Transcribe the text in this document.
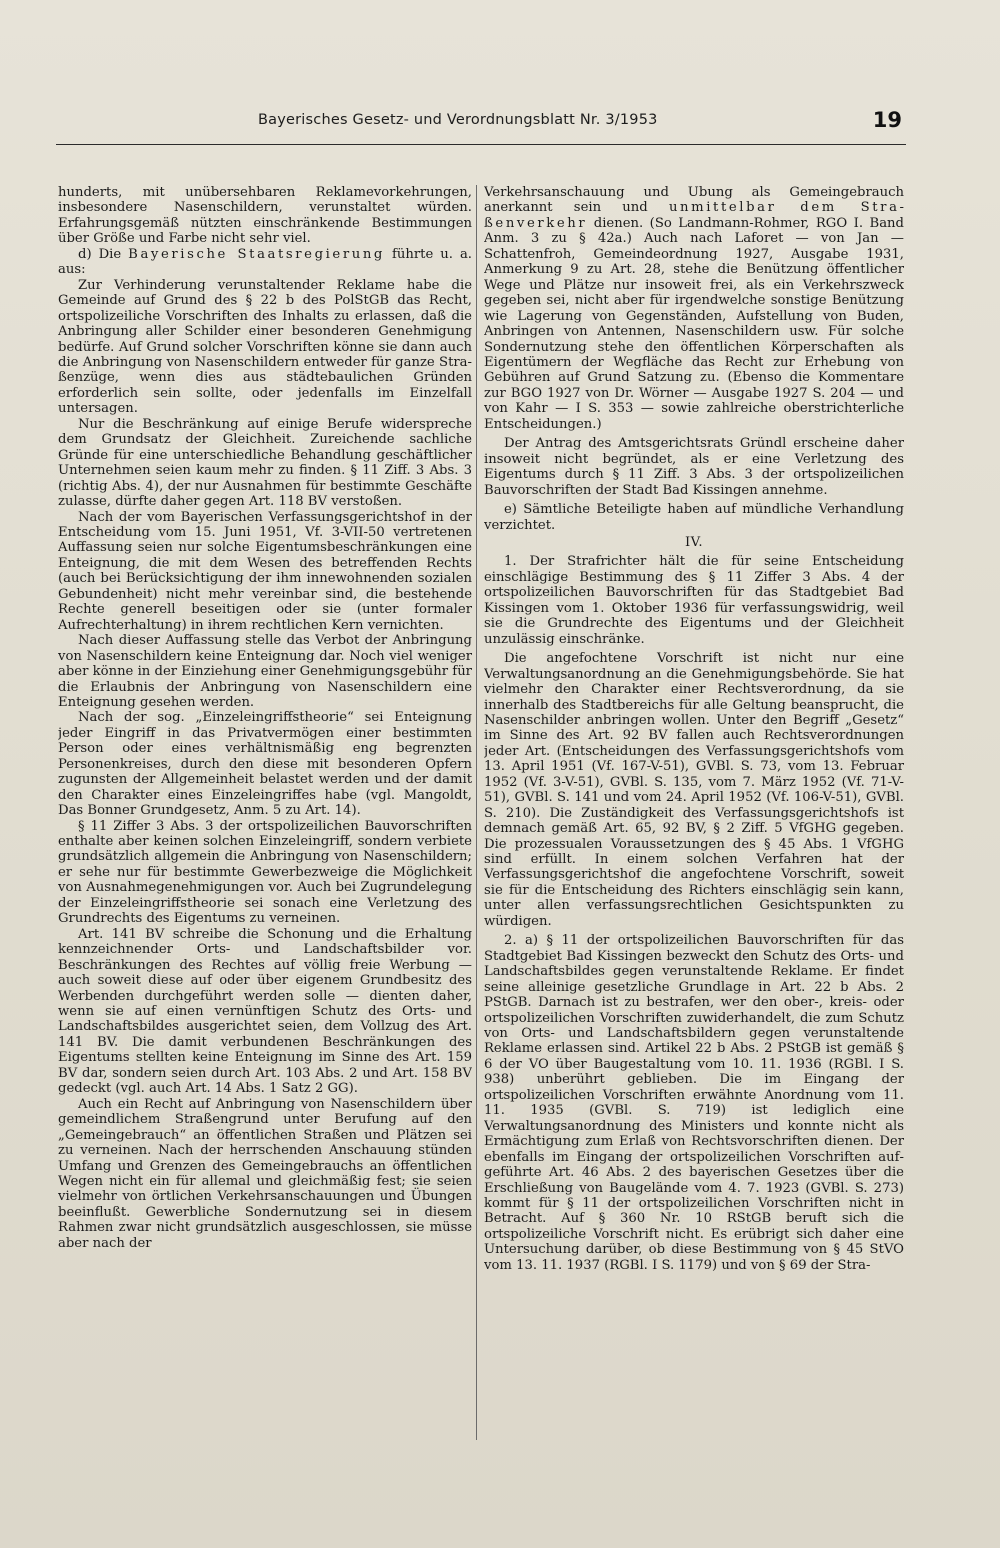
Bayerisches Gesetz- und Verordnungsblatt Nr. 3/1953	19

hunderts, mit unübersehbaren Reklamevorkehrungen, insbesondere Nasenschildern, verunstaltet würden. Erfahrungsgemäß nützten einschränkende Bestimmungen über Größe und Farbe nicht sehr viel.

d) Die Bayerische Staatsregierung führte u. a. aus:

Zur Verhinderung verunstaltender Reklame habe die Gemeinde auf Grund des § 22 b des PolStGB das Recht, ortspolizeiliche Vorschriften des Inhalts zu erlassen, daß die Anbringung aller Schilder einer besonderen Genehmigung bedürfe. Auf Grund solcher Vorschriften könne sie dann auch die Anbringung von Nasenschildern entweder für ganze Straßenzüge, wenn dies aus städtebaulichen Gründen erforderlich sein sollte, oder jedenfalls im Einzelfall untersagen.

Nur die Beschränkung auf einige Berufe widerspreche dem Grundsatz der Gleichheit. Zureichende sachliche Gründe für eine unterschiedliche Behandlung geschäftlicher Unternehmen seien kaum mehr zu finden. § 11 Ziff. 3 Abs. 3 (richtig Abs. 4), der nur Ausnahmen für bestimmte Geschäfte zulasse, dürfte daher gegen Art. 118 BV verstoßen.

Nach der vom Bayerischen Verfassungsgerichtshof in der Entscheidung vom 15. Juni 1951, Vf. 3-VII-50 vertretenen Auffassung seien nur solche Eigentumsbeschränkungen eine Enteignung, die mit dem Wesen des betreffenden Rechts (auch bei Berücksichtigung der ihm innewohnenden sozialen Gebundenheit) nicht mehr vereinbar sind, die bestehende Rechte generell beseitigen oder sie (unter formaler Aufrechterhaltung) in ihrem rechtlichen Kern vernichten.

Nach dieser Auffassung stelle das Verbot der Anbringung von Nasenschildern keine Enteignung dar. Noch viel weniger aber könne in der Einziehung einer Genehmigungsgebühr für die Erlaubnis der Anbringung von Nasenschildern eine Enteignung gesehen werden.

Nach der sog. „Einzeleingriffstheorie“ sei Enteignung jeder Eingriff in das Privatvermögen einer bestimmten Person oder eines verhältnismäßig eng begrenzten Personenkreises, durch den diese mit besonderen Opfern zugunsten der Allgemeinheit belastet werden und der damit den Charakter eines Einzeleingriffes habe (vgl. Mangoldt, Das Bonner Grundgesetz, Anm. 5 zu Art. 14).

§ 11 Ziffer 3 Abs. 3 der ortspolizeilichen Bauvorschriften enthalte aber keinen solchen Einzeleingriff, sondern verbiete grundsätzlich allgemein die Anbringung von Nasenschildern; er sehe nur für bestimmte Gewerbezweige die Möglichkeit von Ausnahmegenehmigungen vor. Auch bei Zugrundelegung der Einzeleingriffstheorie sei sonach eine Verletzung des Grundrechts des Eigentums zu verneinen.

Art. 141 BV schreibe die Schonung und die Erhaltung kennzeichnender Orts- und Landschaftsbilder vor. Beschränkungen des Rechtes auf völlig freie Werbung — auch soweit diese auf oder über eigenem Grundbesitz des Werbenden durchgeführt werden solle — dienten daher, wenn sie auf einen vernünftigen Schutz des Orts- und Landschaftsbildes ausgerichtet seien, dem Vollzug des Art. 141 BV. Die damit verbundenen Beschränkungen des Eigentums stellten keine Enteignung im Sinne des Art. 159 BV dar, sondern seien durch Art. 103 Abs. 2 und Art. 158 BV gedeckt (vgl. auch Art. 14 Abs. 1 Satz 2 GG).

Auch ein Recht auf Anbringung von Nasenschildern über gemeindlichem Straßengrund unter Berufung auf den „Gemeingebrauch“ an öffentlichen Straßen und Plätzen sei zu verneinen. Nach der herrschenden Anschauung stünden Umfang und Grenzen des Gemeingebrauchs an öffentlichen Wegen nicht ein für allemal und gleichmäßig fest; sie seien vielmehr von örtlichen Verkehrsanschauungen und Übungen beeinflußt. Gewerbliche Sondernutzung sei in diesem Rahmen zwar nicht grundsätzlich ausgeschlossen, sie müsse aber nach der

Verkehrsanschauung und Übung als Gemeingebrauch anerkannt sein und unmittelbar dem Straßenverkehr dienen. (So Landmann-Rohmer, RGO I. Band Anm. 3 zu § 42a.) Auch nach Laforet — von Jan — Schattenfroh, Gemeindeordnung 1927, Ausgabe 1931, Anmerkung 9 zu Art. 28, stehe die Benützung öffentlicher Wege und Plätze nur insoweit frei, als ein Verkehrszweck gegeben sei, nicht aber für irgendwelche sonstige Benützung wie Lagerung von Gegenständen, Aufstellung von Buden, Anbringen von Antennen, Nasenschildern usw. Für solche Sondernutzung stehe den öffentlichen Körperschaften als Eigentümern der Wegfläche das Recht zur Erhebung von Gebühren auf Grund Satzung zu. (Ebenso die Kommentare zur BGO 1927 von Dr. Wörner — Ausgabe 1927 S. 204 — und von Kahr — I S. 353 — sowie zahlreiche oberstrichterliche Entscheidungen.)

Der Antrag des Amtsgerichtsrats Gründl erscheine daher insoweit nicht begründet, als er eine Verletzung des Eigentums durch § 11 Ziff. 3 Abs. 3 der ortspolizeilichen Bauvorschriften der Stadt Bad Kissingen annehme.

e) Sämtliche Beteiligte haben auf mündliche Verhandlung verzichtet.

IV.

1. Der Strafrichter hält die für seine Entscheidung einschlägige Bestimmung des § 11 Ziffer 3 Abs. 4 der ortspolizeilichen Bauvorschriften für das Stadtgebiet Bad Kissingen vom 1. Oktober 1936 für verfassungswidrig, weil sie die Grundrechte des Eigentums und der Gleichheit unzulässig einschränke.

Die angefochtene Vorschrift ist nicht nur eine Verwaltungsanordnung an die Genehmigungsbehörde. Sie hat vielmehr den Charakter einer Rechtsverordnung, da sie innerhalb des Stadtbereichs für alle Geltung beansprucht, die Nasenschilder anbringen wollen. Unter den Begriff „Gesetz“ im Sinne des Art. 92 BV fallen auch Rechtsverordnungen jeder Art. (Entscheidungen des Verfassungsgerichtshofs vom 13. April 1951 (Vf. 167-V-51), GVBl. S. 73, vom 13. Februar 1952 (Vf. 3-V-51), GVBl. S. 135, vom 7. März 1952 (Vf. 71-V-51), GVBl. S. 141 und vom 24. April 1952 (Vf. 106-V-51), GVBl. S. 210). Die Zuständigkeit des Verfassungsgerichtshofs ist demnach gemäß Art. 65, 92 BV, § 2 Ziff. 5 VfGHG gegeben. Die prozessualen Voraussetzungen des § 45 Abs. 1 VfGHG sind erfüllt. In einem solchen Verfahren hat der Verfassungsgerichtshof die angefochtene Vorschrift, soweit sie für die Entscheidung des Richters einschlägig sein kann, unter allen verfassungsrechtlichen Gesichtspunkten zu würdigen.

2. a) § 11 der ortspolizeilichen Bauvorschriften für das Stadtgebiet Bad Kissingen bezweckt den Schutz des Orts- und Landschaftsbildes gegen verunstaltende Reklame. Er findet seine alleinige gesetzliche Grundlage in Art. 22 b Abs. 2 PStGB. Darnach ist zu bestrafen, wer den ober-, kreis- oder ortspolizeilichen Vorschriften zuwiderhandelt, die zum Schutz von Orts- und Landschaftsbildern gegen verunstaltende Reklame erlassen sind. Artikel 22 b Abs. 2 PStGB ist gemäß § 6 der VO über Baugestaltung vom 10. 11. 1936 (RGBl. I S. 938) unberührt geblieben. Die im Eingang der ortspolizeilichen Vorschriften erwähnte Anordnung vom 11. 11. 1935 (GVBl. S. 719) ist lediglich eine Verwaltungsanordnung des Ministers und konnte nicht als Ermächtigung zum Erlaß von Rechtsvorschriften dienen. Der ebenfalls im Eingang der ortspolizeilichen Vorschriften aufgeführte Art. 46 Abs. 2 des bayerischen Gesetzes über die Erschließung von Baugelände vom 4. 7. 1923 (GVBl. S. 273) kommt für § 11 der ortspolizeilichen Vorschriften nicht in Betracht. Auf § 360 Nr. 10 RStGB beruft sich die ortspolizeiliche Vorschrift nicht. Es erübrigt sich daher eine Untersuchung darüber, ob diese Bestimmung von § 45 StVO vom 13. 11. 1937 (RGBl. I S. 1179) und von § 69 der Stra-
